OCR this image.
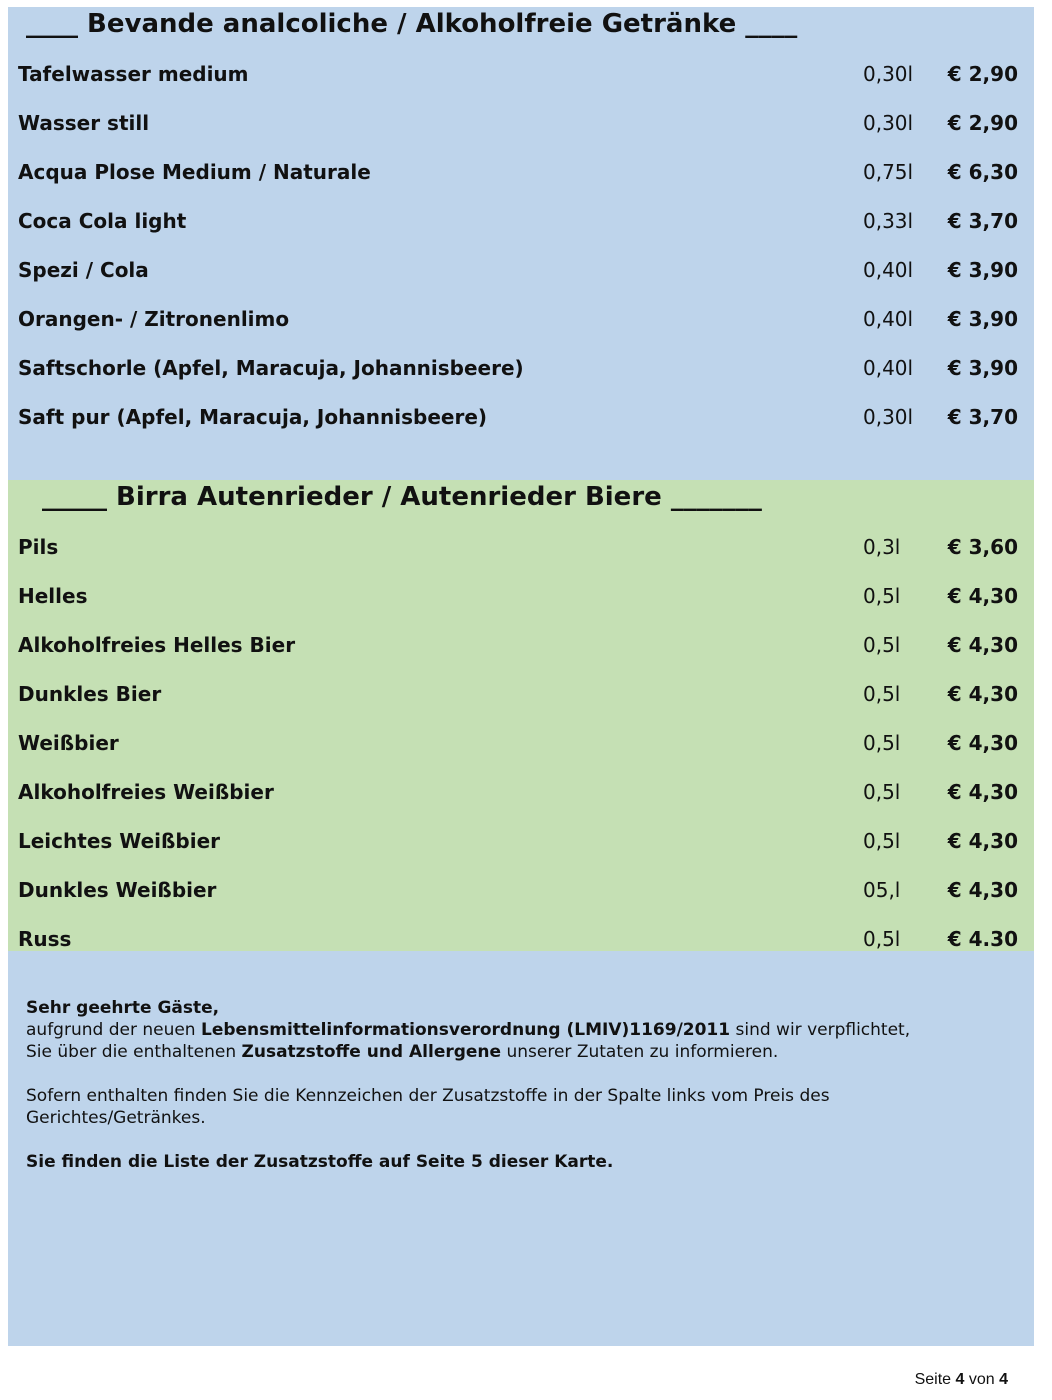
____ Bevande analcoliche / Alkoholfreie Getränke ____
Tafelwasser medium	0,30l € 2,90
Wasser still	0,30l € 2,90
Acqua Plose Medium / Naturale	0,75l € 6,30
Coca Cola light	0,33l € 3,70
Spezi / Cola	0,40l € 3,90
Orangen- / Zitronenlimo	0,40l € 3,90
Saftschorle (Apfel, Maracuja, Johannisbeere)	0,40l € 3,90
Saft pur (Apfel, Maracuja, Johannisbeere)	0,30l € 3,70
_____ Birra Autenrieder / Autenrieder Biere _______
Pils	0,3l € 3,60
Helles	0,5l € 4,30
Alkoholfreies Helles Bier	0,5l € 4,30
Dunkles Bier	0,5l € 4,30
Weißbier	0,5l € 4,30
Alkoholfreies Weißbier	0,5l € 4,30
Leichtes Weißbier	0,5l € 4,30
Dunkles Weißbier	05,l € 4,30
Russ	0,5l € 4.30

Sehr geehrte Gäste,

aufgrund der neuen Lebensmittelinformationsverordnung (LMIV)1169/2011 sind wir verpflichtet,

Sie über die enthaltenen Zusatzstoffe und Allergene unserer Zutaten zu informieren.

Sofern enthalten finden Sie die Kennzeichen der Zusatzstoffe in der Spalte links vom Preis des Gerichtes/Getränkes.

Sie finden die Liste der Zusatzstoffe auf Seite 5 dieser Karte.

Seite 4 von 4
